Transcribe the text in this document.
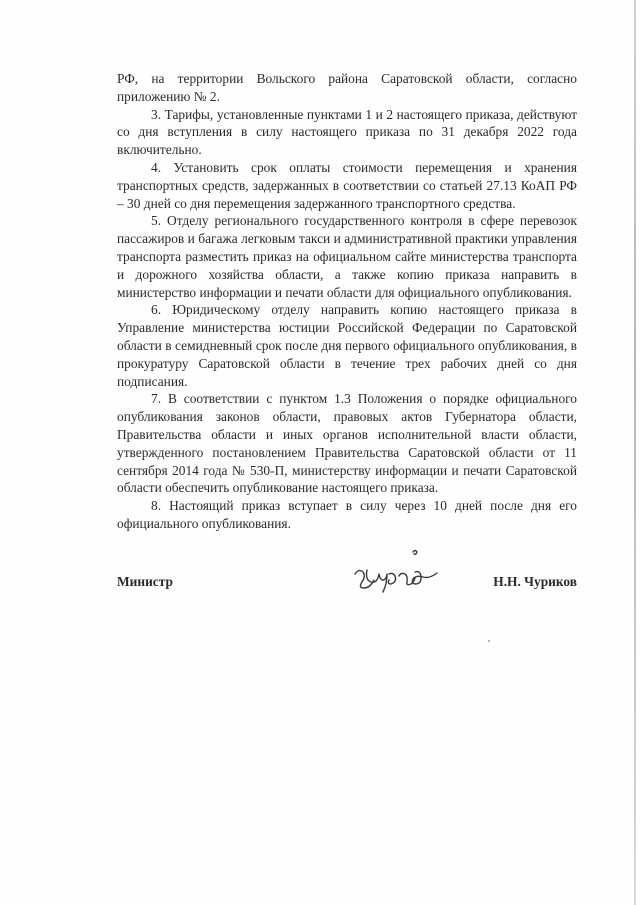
РФ, на территории Вольского района Саратовской области, согласно приложению № 2.

3. Тарифы, установленные пунктами 1 и 2 настоящего приказа, действуют со дня вступления в силу настоящего приказа по 31 декабря 2022 года включительно.

4. Установить срок оплаты стоимости перемещения и хранения транспортных средств, задержанных в соответствии со статьей 27.13 КоАП РФ – 30 дней со дня перемещения задержанного транспортного средства.

5. Отделу регионального государственного контроля в сфере перевозок пассажиров и багажа легковым такси и административной практики управления транспорта разместить приказ на официальном сайте министерства транспорта и дорожного хозяйства области, а также копию приказа направить в министерство информации и печати области для официального опубликования.

6. Юридическому отделу направить копию настоящего приказа в Управление министерства юстиции Российской Федерации по Саратовской области в семидневный срок после дня первого официального опубликования, в прокуратуру Саратовской области в течение трех рабочих дней со дня подписания.

7. В соответствии с пунктом 1.3 Положения о порядке официального опубликования законов области, правовых актов Губернатора области, Правительства области и иных органов исполнительной власти области, утвержденного постановлением Правительства Саратовской области от 11 сентября 2014 года № 530-П, министерству информации и печати Саратовской области обеспечить опубликование настоящего приказа.

8. Настоящий приказ вступает в силу через 10 дней после дня его официального опубликования.

Министр	Н.Н. Чуриков
